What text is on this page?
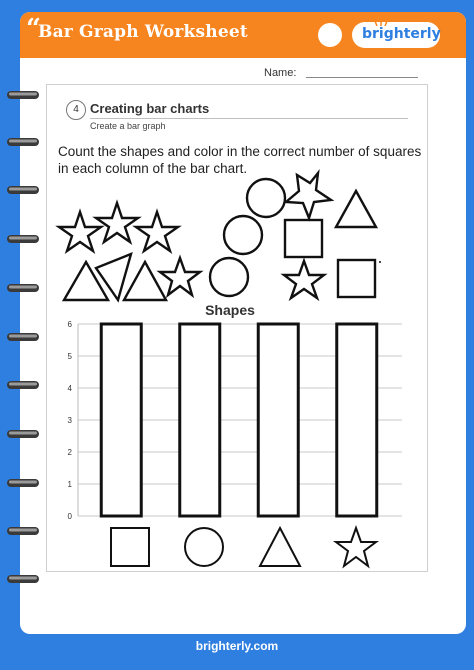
“
Bar Graph Worksheet	brighterly
Name:
4 Creating bar charts
Create a bar graph
Count the shapes and color in the correct number of squares in each column of the bar chart.
0
1
2
3
4
5
6
Shapes
brighterly.com
